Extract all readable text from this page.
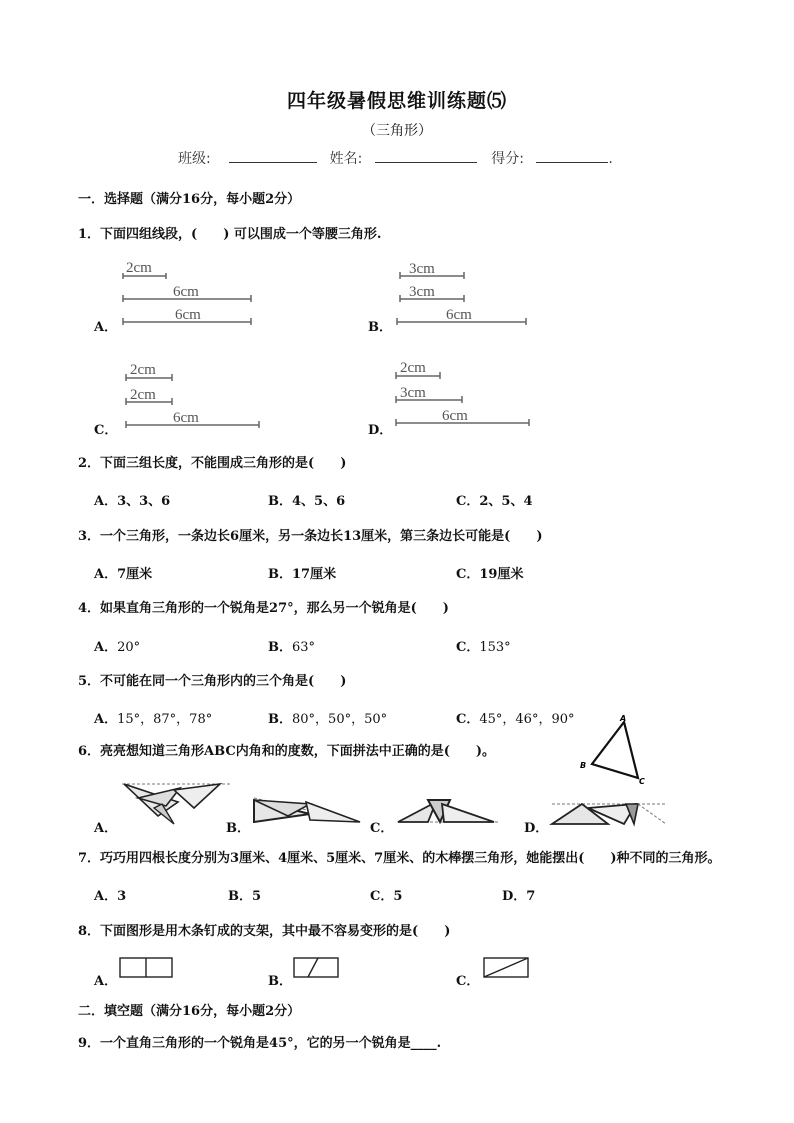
四年级暑假思维训练题⑸
（三角形）
班级:	姓名:	得分:	.
一．选择题（满分16分，每小题2分）
1．下面四组线段，(　　) 可以围成一个等腰三角形.
A．
2cm
6cm
6cm
B．
3cm
3cm
6cm
C．
2cm
2cm
6cm
D．
2cm
3cm
6cm
2．下面三组长度，不能围成三角形的是(　　)
A．3、3、6	B．4、5、6	C．2、5、4
3．一个三角形，一条边长6厘米，另一条边长13厘米，第三条边长可能是(　　)
A．7厘米	B．17厘米	C．19厘米
4．如果直角三角形的一个锐角是27°，那么另一个锐角是(　　)
A．20°	B．63°	C．153°
5．不可能在同一个三角形内的三个角是(　　)
A．15°，87°，78°	B．80°，50°，50°	C．45°，46°，90°
6．亮亮想知道三角形ABC内角和的度数，下面拼法中正确的是(　　)。
A
B
C
A．	B．	C．	D．
7．巧巧用四根长度分别为3厘米、4厘米、5厘米、7厘米、的木棒摆三角形，她能摆出(　　)种不同的三角形。
A．3	B．5	C．5	D．7
8．下面图形是用木条钉成的支架，其中最不容易变形的是(　　)
A．	B．	C．
二．填空题（满分16分，每小题2分）
9．一个直角三角形的一个锐角是45°，它的另一个锐角是____.
